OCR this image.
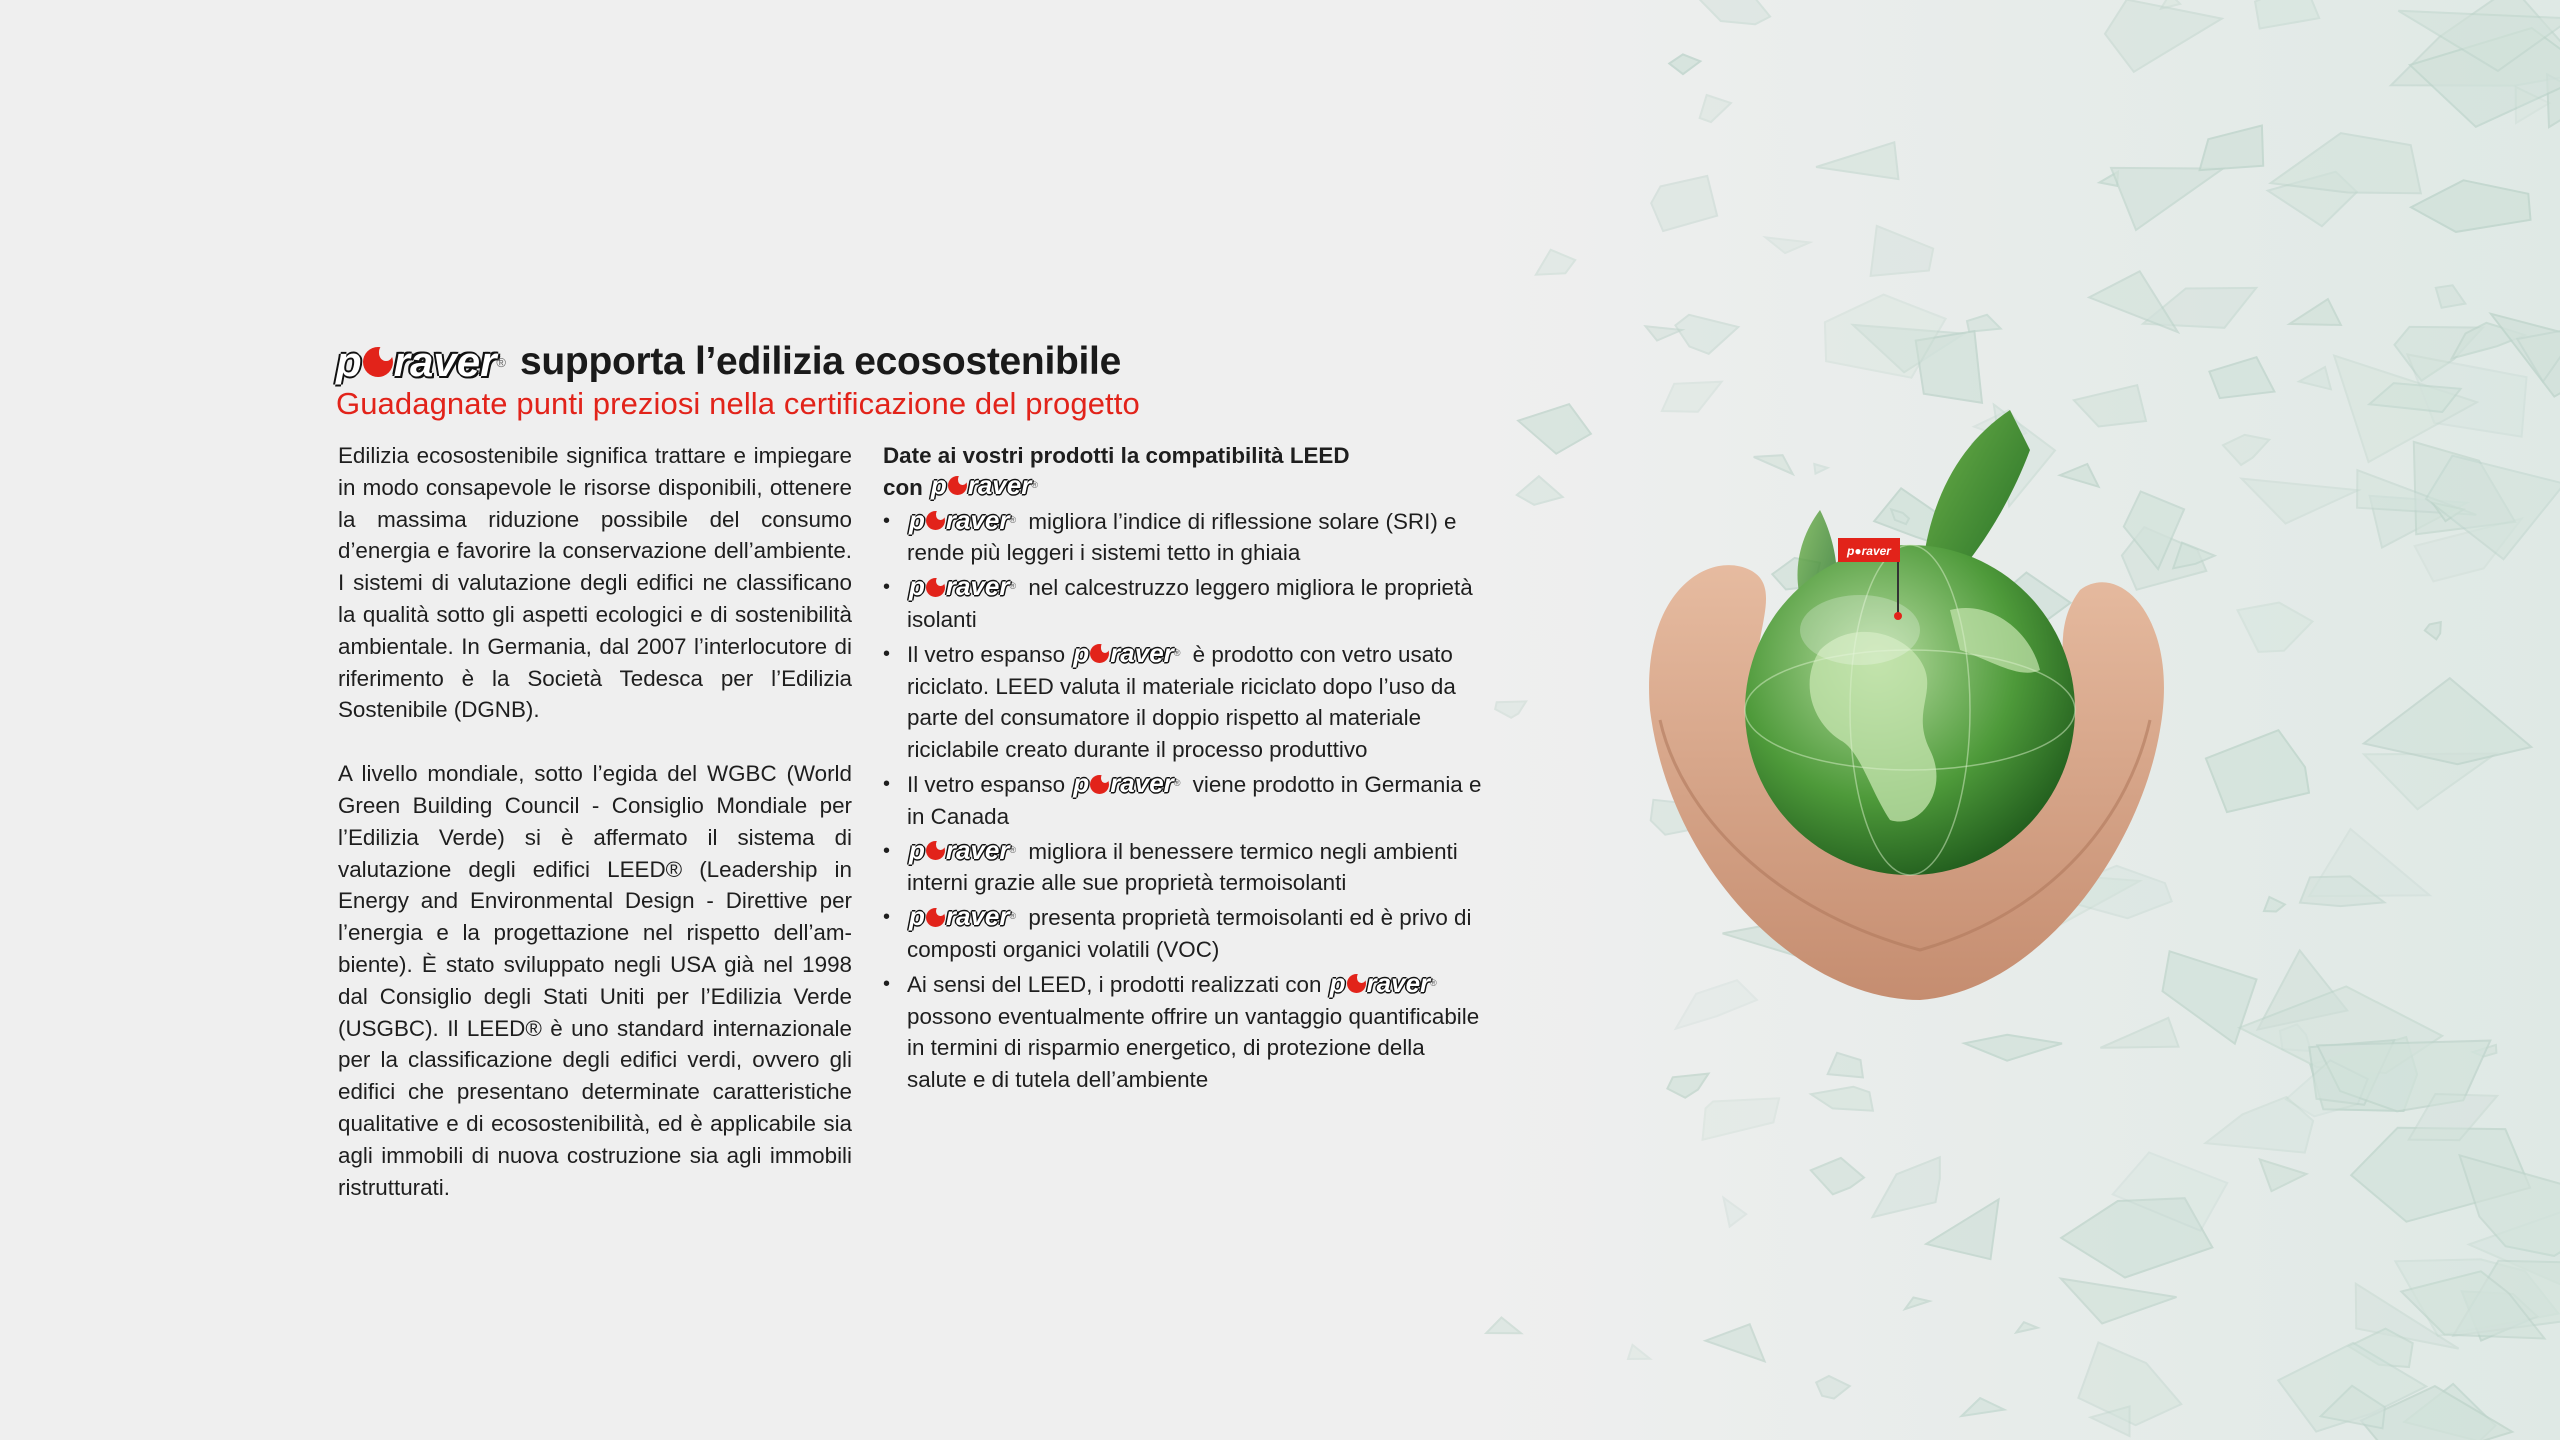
p●raver
p raver ® supporta l’edilizia ecosostenibile
Guadagnate punti preziosi nella certificazione del progetto

Edilizia ecosostenibile significa trattare e impiegare in modo consapevole le risorse disponibili, ottenere la massima riduzione possibile del consumo d’energia e favorire la conservazione dell’ambiente. I sistemi di valutazione degli edifici ne classificano la qualità sotto gli aspetti ecologici e di sostenibilità ambientale. In Germania, dal 2007 l’interlocutore di riferimento è la Società Tedesca per l’Edilizia Sostenibile (DGNB).

A livello mondiale, sotto l’egida del WGBC (World Green Building Council - Consiglio Mondiale per l’Edilizia Verde) si è affermato il sistema di valutazione degli edifici LEED® (Leadership in Energy and Environmental Design - Direttive per l’energia e la progettazione nel rispetto dell’ambiente). È stato sviluppato negli USA già nel 1998 dal Consiglio degli Stati Uniti per l’Edilizia Verde (USGBC). Il LEED® è uno standard internazionale per la classificazione degli edifici verdi, ovvero gli edifici che presentano determinate caratteristiche qualitative e di ecosostenibilità, ed è applicabile sia agli immobili di nuova costruzione sia agli immobili ristrutturati.

Date ai vostri prodotti la compatibilità LEED

con p raver ®
• p raver ® migliora l’indice di riflessione solare (SRI) e rende più leggeri i sistemi tetto in ghiaia
• p raver ® nel calcestruzzo leggero migliora le proprietà isolanti
• Il vetro espanso p raver ® è prodotto con vetro usato riciclato. LEED valuta il materiale riciclato dopo l’uso da parte del consumatore il doppio rispetto al materiale riciclabile creato durante il processo produttivo
• Il vetro espanso p raver ® viene prodotto in Germania e in Canada
• p raver ® migliora il benessere termico negli ambienti interni grazie alle sue proprietà termoisolanti
• p raver ® presenta proprietà termoisolanti ed è privo di composti organici volatili (VOC)
• Ai sensi del LEED, i prodotti realizzati con p raver ®
possono eventualmente offrire un vantaggio quantificabile in termini di risparmio energetico, di protezione della salute e di tutela dell’ambiente
